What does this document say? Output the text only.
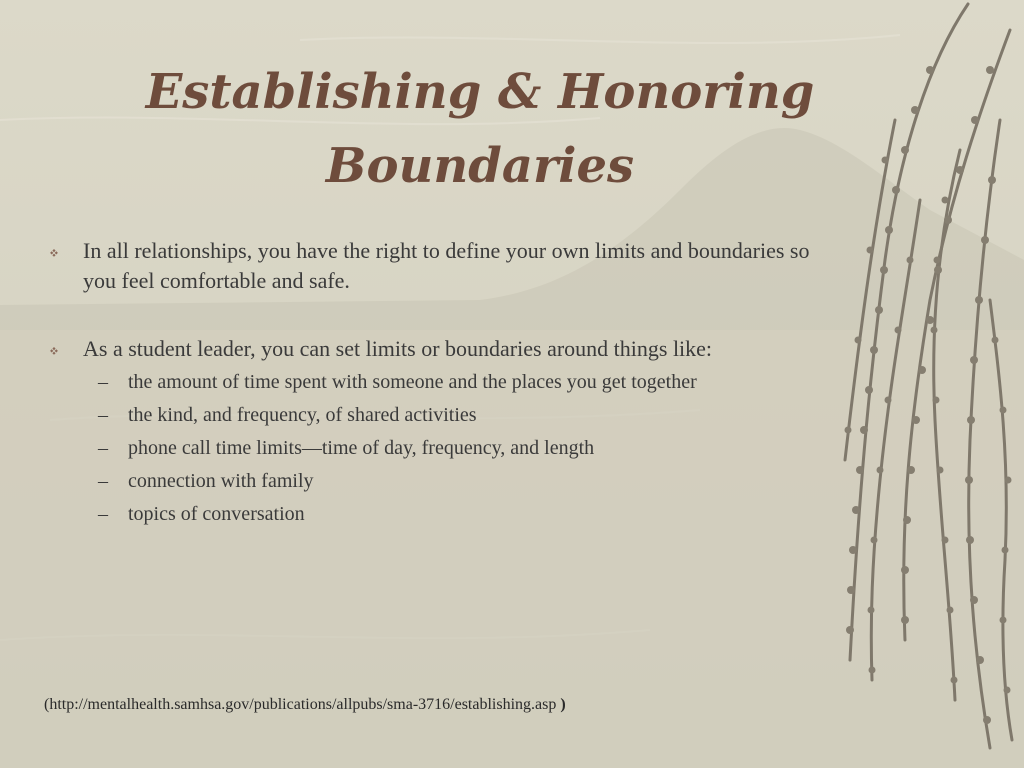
Establishing & Honoring
Boundaries
In all relationships, you have the right to define your own limits and boundaries so you feel comfortable and safe.
As a student leader, you can set limits or boundaries around things like:
– the amount of time spent with someone and the places you get together
– the kind, and frequency, of shared activities
– phone call time limits—time of day, frequency, and length
– connection with family
– topics of conversation
(http://mentalhealth.samhsa.gov/publications/allpubs/sma-3716/establishing.asp )
